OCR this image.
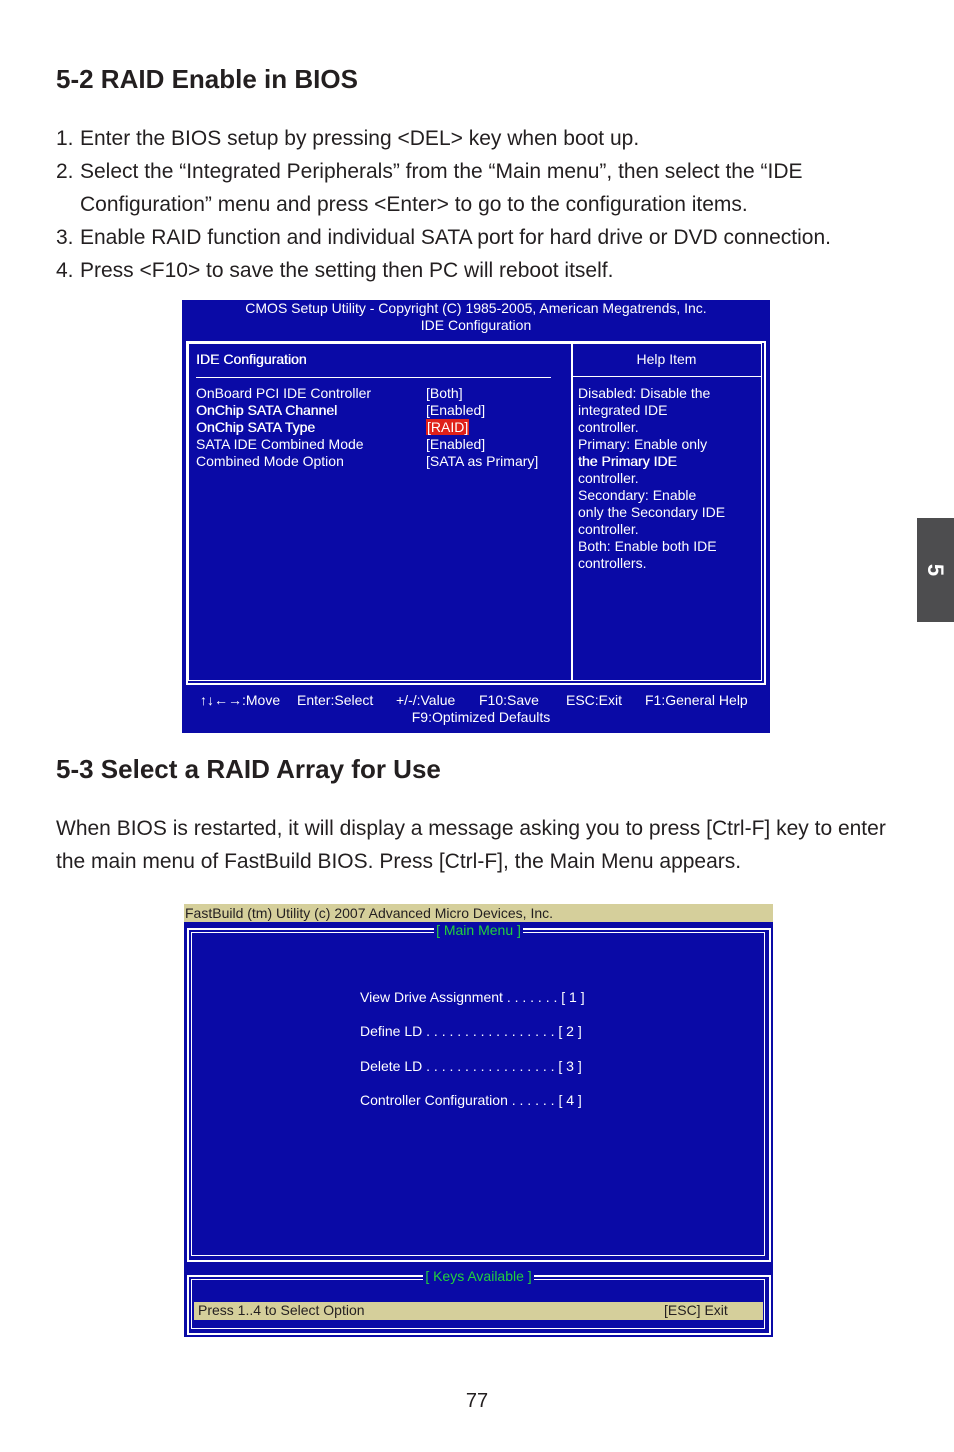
5-2 RAID Enable in BIOS
1. Enter the BIOS setup by pressing <DEL> key when boot up.
2. Select the “Integrated Peripherals” from the “Main menu”, then select the “IDE Configuration” menu and press <Enter> to go to the configuration items.
3. Enable RAID function and individual SATA port for hard drive or DVD connection.
4. Press <F10> to save the setting then PC will reboot itself.
CMOS Setup Utility - Copyright (C) 1985-2005, American Megatrends, Inc.
IDE Configuration
IDE Configuration	Help Item
OnBoard PCI IDE Controller	[Both]
OnChip SATA Channel	[Enabled]
OnChip SATA Type	[RAID]
SATA IDE Combined Mode	[Enabled]
Combined Mode Option	[SATA as Primary]
Disabled: Disable the
integrated IDE
controller.
Primary: Enable only
the Primary IDE
controller.
Secondary: Enable
only the Secondary IDE
controller.
Both: Enable both IDE
controllers.
↑↓←→:Move Enter:Select +/-/:Value F10:Save ESC:Exit F1:General Help
F9:Optimized Defaults
5-3 Select a RAID Array for Use

When BIOS is restarted, it will display a message asking you to press [Ctrl-F] key to enter the main menu of FastBuild BIOS. Press [Ctrl-F], the Main Menu appears.

FastBuild (tm) Utility (c) 2007 Advanced Micro Devices, Inc.
[ Main Menu ]
View Drive Assignment . . . . . . . [ 1 ]
Define LD . . . . . . . . . . . . . . . . . [ 2 ]
Delete LD . . . . . . . . . . . . . . . . . [ 3 ]
Controller Configuration . . . . . . [ 4 ]
[ Keys Available ]
Press 1..4 to Select Option	[ESC] Exit
5
77
